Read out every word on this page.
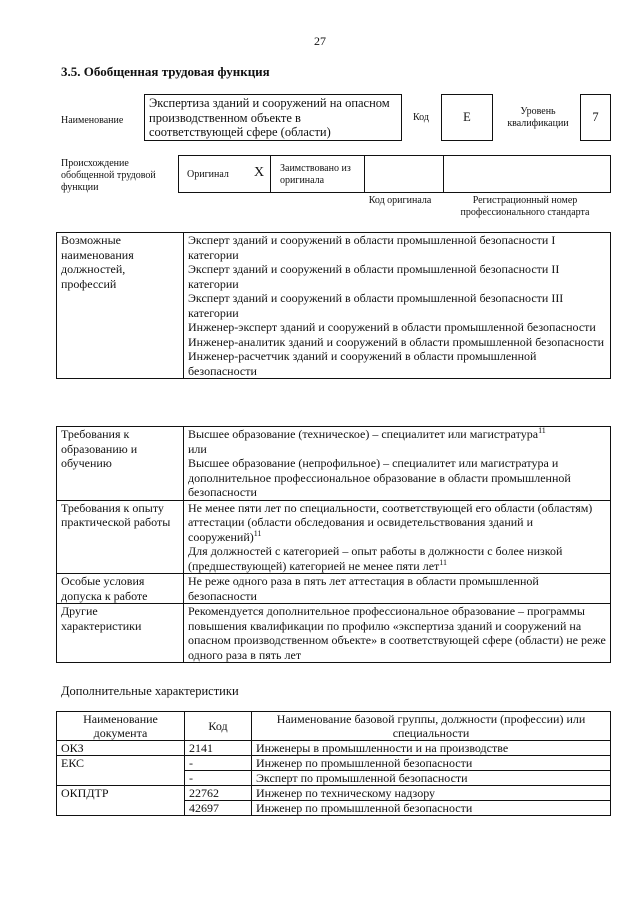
27
3.5. Обобщенная трудовая функция
Наименование
Экспертиза зданий и сооружений на опасном производственном объекте в соответствующей сфере (области)
Код	E	Уровень квалификации	7
Происхождение обобщенной трудовой функции
Оригинал X Заимствовано из оригинала
Код оригинала	Регистрационный номер профессионального стандарта
Возможные наименования должностей, профессий	
Эксперт зданий и сооружений в области промышленной безопасности I категории
Эксперт зданий и сооружений в области промышленной безопасности II категории
Эксперт зданий и сооружений в области промышленной безопасности III категории
Инженер-эксперт зданий и сооружений в области промышленной безопасности
Инженер-аналитик зданий и сооружений в области промышленной безопасности
Инженер-расчетчик зданий и сооружений в области промышленной безопасности
Требования к образованию и обучению	Высшее образование (техническое) – специалитет или магистратура$^{11}$
или
Высшее образование (непрофильное) – специалитет или магистратура и дополнительное профессиональное образование в области промышленной безопасности

Требования к опыту практической работы	Не менее пяти лет по специальности, соответствующей его области (областям) аттестации (области обследования и освидетельствования зданий и сооружений)$^{11}$
Для должностей с категорией – опыт работы в должности с более низкой (предшествующей) категорией не менее пяти лет$^{11}$

Особые условия допуска к работе	Не реже одного раза в пять лет аттестация в области промышленной безопасности
Другие характеристики	Рекомендуется дополнительное профессиональное образование – программы повышения квалификации по профилю «экспертиза зданий и сооружений на опасном производственном объекте» в соответствующей сфере (области) не реже одного раза в пять лет
Дополнительные характеристики
Наименование документа	Код	Наименование базовой группы, должности (профессии) или специальности
ОКЗ	2141	Инженеры в промышленности и на производстве
ЕКС	-	Инженер по промышленной безопасности
	-	Эксперт по промышленной безопасности
ОКПДТР	22762	Инженер по техническому надзору
	42697	Инженер по промышленной безопасности
